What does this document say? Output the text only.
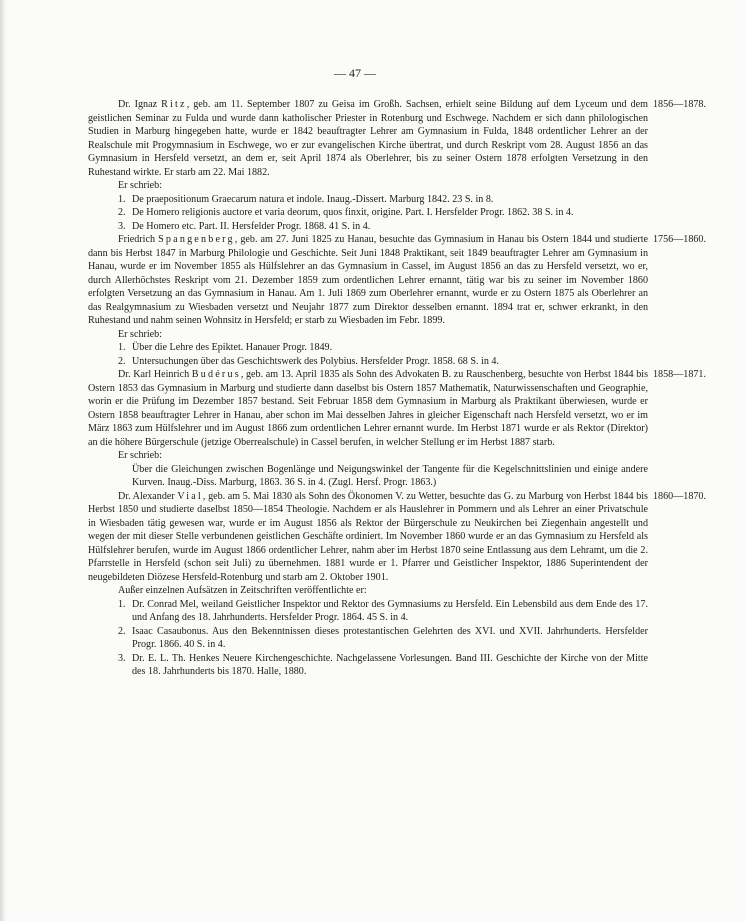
— 47 —
1856—1878.

Dr. Ignaz Ritz, geb. am 11. September 1807 zu Geisa im Großh. Sachsen, erhielt seine Bildung auf dem Lyceum und dem geistlichen Seminar zu Fulda und wurde dann katholischer Priester in Rotenburg und Eschwege. Nachdem er sich dann philologischen Studien in Marburg hingegeben hatte, wurde er 1842 beauftragter Lehrer am Gymnasium in Fulda, 1848 ordentlicher Lehrer an der Realschule mit Progymnasium in Eschwege, wo er zur evangelischen Kirche übertrat, und durch Reskript vom 28. August 1856 an das Gymnasium in Hersfeld versetzt, an dem er, seit April 1874 als Oberlehrer, bis zu seiner Ostern 1878 erfolgten Versetzung in den Ruhestand wirkte. Er starb am 22. Mai 1882.

Er schrieb:

1. De praepositionum Graecarum natura et indole. Inaug.-Dissert. Marburg 1842. 23 S. in 8.
2. De Homero religionis auctore et varia deorum, quos finxit, origine. Part. I. Hersfelder Progr. 1862. 38 S. in 4.
3. De Homero etc. Part. II. Hersfelder Progr. 1868. 41 S. in 4.
1756—1860.

Friedrich Spangenberg, geb. am 27. Juni 1825 zu Hanau, besuchte das Gymnasium in Hanau bis Ostern 1844 und studierte dann bis Herbst 1847 in Marburg Philologie und Geschichte. Seit Juni 1848 Praktikant, seit 1849 beauftragter Lehrer am Gymnasium in Hanau, wurde er im November 1855 als Hülfslehrer an das Gymnasium in Cassel, im August 1856 an das zu Hersfeld versetzt, wo er, durch Allerhöchstes Reskript vom 21. Dezember 1859 zum ordentlichen Lehrer ernannt, tätig war bis zu seiner im November 1860 erfolgten Versetzung an das Gymnasium in Hanau. Am 1. Juli 1869 zum Oberlehrer ernannt, wurde er zu Ostern 1875 als Oberlehrer an das Realgymnasium zu Wiesbaden versetzt und Neujahr 1877 zum Direktor desselben ernannt. 1894 trat er, schwer erkrankt, in den Ruhestand und nahm seinen Wohnsitz in Hersfeld; er starb zu Wiesbaden im Febr. 1899.

Er schrieb:

1. Über die Lehre des Epiktet. Hanauer Progr. 1849.
2. Untersuchungen über das Geschichtswerk des Polybius. Hersfelder Progr. 1858. 68 S. in 4.
1858—1871.

Dr. Karl Heinrich Budérus, geb. am 13. April 1835 als Sohn des Advokaten B. zu Rauschenberg, besuchte von Herbst 1844 bis Ostern 1853 das Gymnasium in Marburg und studierte dann daselbst bis Ostern 1857 Mathematik, Naturwissenschaften und Geographie, worin er die Prüfung im Dezember 1857 bestand. Seit Februar 1858 dem Gymnasium in Marburg als Praktikant überwiesen, wurde er Ostern 1858 beauftragter Lehrer in Hanau, aber schon im Mai desselben Jahres in gleicher Eigenschaft nach Hersfeld versetzt, wo er im März 1863 zum Hülfslehrer und im August 1866 zum ordentlichen Lehrer ernannt wurde. Im Herbst 1871 wurde er als Rektor (Direktor) an die höhere Bürgerschule (jetzige Oberrealschule) in Cassel berufen, in welcher Stellung er im Herbst 1887 starb.

Er schrieb:

Über die Gleichungen zwischen Bogenlänge und Neigungswinkel der Tangente für die Kegelschnittslinien und einige andere Kurven. Inaug.-Diss. Marburg, 1863. 36 S. in 4. (Zugl. Hersf. Progr. 1863.)

1860—1870.

Dr. Alexander Vial, geb. am 5. Mai 1830 als Sohn des Ökonomen V. zu Wetter, besuchte das G. zu Marburg von Herbst 1844 bis Herbst 1850 und studierte daselbst 1850—1854 Theologie. Nachdem er als Hauslehrer in Pommern und als Lehrer an einer Privatschule in Wiesbaden tätig gewesen war, wurde er im August 1856 als Rektor der Bürgerschule zu Neukirchen bei Ziegenhain angestellt und wegen der mit dieser Stelle verbundenen geistlichen Geschäfte ordiniert. Im November 1860 wurde er an das Gymnasium zu Hersfeld als Hülfslehrer berufen, wurde im August 1866 ordentlicher Lehrer, nahm aber im Herbst 1870 seine Entlassung aus dem Lehramt, um die 2. Pfarrstelle in Hersfeld (schon seit Juli) zu übernehmen. 1881 wurde er 1. Pfarrer und Geistlicher Inspektor, 1886 Superintendent der neugebildeten Diözese Hersfeld-Rotenburg und starb am 2. Oktober 1901.

Außer einzelnen Aufsätzen in Zeitschriften veröffentlichte er:

1. Dr. Conrad Mel, weiland Geistlicher Inspektor und Rektor des Gymnasiums zu Hersfeld. Ein Lebensbild aus dem Ende des 17. und Anfang des 18. Jahrhunderts. Hersfelder Progr. 1864. 45 S. in 4.
2. Isaac Casaubonus. Aus den Bekenntnissen dieses protestantischen Gelehrten des XVI. und XVII. Jahrhunderts. Hersfelder Progr. 1866. 40 S. in 4.
3. Dr. E. L. Th. Henkes Neuere Kirchengeschichte. Nachgelassene Vorlesungen. Band III. Geschichte der Kirche von der Mitte des 18. Jahrhunderts bis 1870. Halle, 1880.
